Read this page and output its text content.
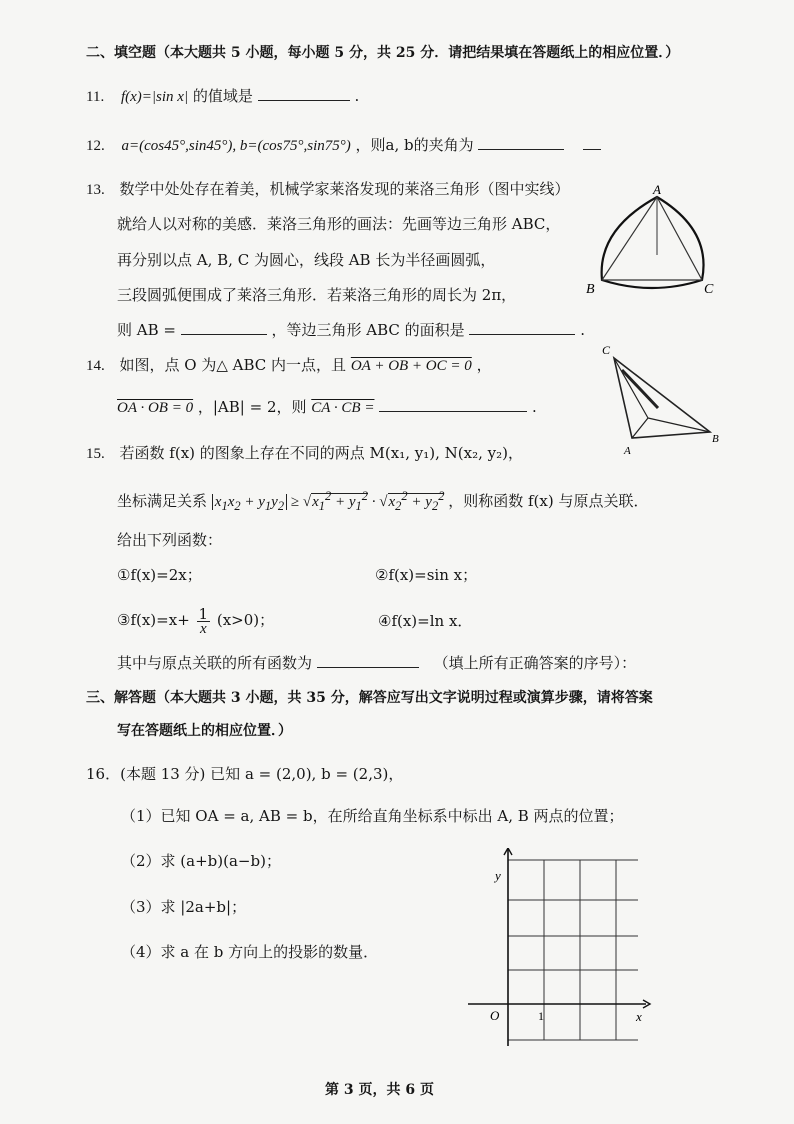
二、填空题（本大题共 5 小题，每小题 5 分，共 25 分．请把结果填在答题纸上的相应位置．）
11. f(x)=|sin x| 的值域是	.
12. a=(cos45°,sin45°), b=(cos75°,sin75°) ，则a, b的夹角为
13. 数学中处处存在着美，机械学家莱洛发现的莱洛三角形（图中实线）
就给人以对称的美感．莱洛三角形的画法：先画等边三角形 ABC，
再分别以点 A, B, C 为圆心，线段 AB 长为半径画圆弧，
三段圆弧便围成了莱洛三角形．若莱洛三角形的周长为 2π，
则 AB =	，等边三角形 ABC 的面积是	.
A
B	C
14. 如图，点 O 为△ ABC 内一点，且 OA + OB + OC = 0 ，
OA · OB = 0 ，|AB| = 2，则 CA · CB =	.
C
A
B
15. 若函数 f(x) 的图象上存在不同的两点 M(x₁, y₁), N(x₂, y₂)，
坐标满足关系 $x_1x_2 + y_1y_2 \ge √x_1^2 + y_1^2 \cdot √x_2^2 + y_2^2$ ，则称函数 f(x) 与原点关联．
给出下列函数：
①f(x)=2x；	②f(x)=sin x；
③f(x)=x+ $\frac{1}{x} (x>0)$；	④f(x)=ln x．
其中与原点关联的所有函数为	（填上所有正确答案的序号）：
三、解答题（本大题共 3 小题，共 35 分，解答应写出文字说明过程或演算步骤，请将答案
写在答题纸上的相应位置．）
16．(本题 13 分) 已知 a = (2,0), b = (2,3)，
（1）已知 OA = a, AB = b，在所给直角坐标系中标出 A, B 两点的位置；
（2）求 (a+b)(a−b)；
（3）求 |2a+b|；
（4）求 a 在 b 方向上的投影的数量．
y
x
O	1
第 3 页，共 6 页
